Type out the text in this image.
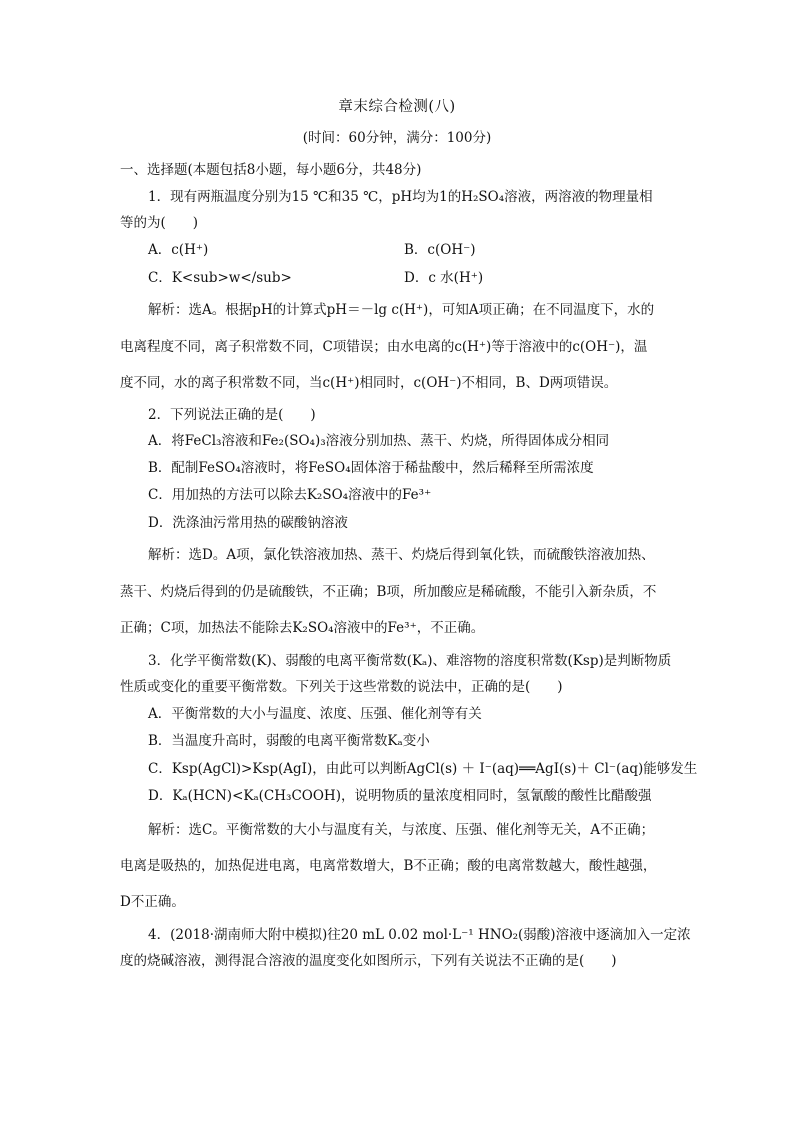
章末综合检测(八)
(时间：60分钟，满分：100分)
一、选择题(本题包括8小题，每小题6分，共48分)
1．现有两瓶温度分别为15 ℃和35 ℃，pH均为1的H₂SO₄溶液，两溶液的物理量相
等的为(　　)
A．c(H⁺)	B．c(OH⁻)
C．K<sub>w</sub>	D．c 水(H⁺)
解析：选A。根据pH的计算式pH＝－lg c(H⁺)，可知A项正确；在不同温度下，水的
电离程度不同，离子积常数不同，C项错误；由水电离的c(H⁺)等于溶液中的c(OH⁻)，温
度不同，水的离子积常数不同，当c(H⁺)相同时，c(OH⁻)不相同，B、D两项错误。
2．下列说法正确的是(　　)
A．将FeCl₃溶液和Fe₂(SO₄)₃溶液分别加热、蒸干、灼烧，所得固体成分相同
B．配制FeSO₄溶液时，将FeSO₄固体溶于稀盐酸中，然后稀释至所需浓度
C．用加热的方法可以除去K₂SO₄溶液中的Fe³⁺
D．洗涤油污常用热的碳酸钠溶液
解析：选D。A项，氯化铁溶液加热、蒸干、灼烧后得到氧化铁，而硫酸铁溶液加热、
蒸干、灼烧后得到的仍是硫酸铁，不正确；B项，所加酸应是稀硫酸，不能引入新杂质，不
正确；C项，加热法不能除去K₂SO₄溶液中的Fe³⁺，不正确。
3．化学平衡常数(K)、弱酸的电离平衡常数(Kₐ)、难溶物的溶度积常数(Ksp)是判断物质
性质或变化的重要平衡常数。下列关于这些常数的说法中，正确的是(　　)
A．平衡常数的大小与温度、浓度、压强、催化剂等有关
B．当温度升高时，弱酸的电离平衡常数Kₐ变小
C．Ksp(AgCl)>Ksp(AgI)，由此可以判断AgCl(s) ＋ I⁻(aq)══AgI(s)＋ Cl⁻(aq)能够发生
D．Kₐ(HCN)<Kₐ(CH₃COOH)，说明物质的量浓度相同时，氢氰酸的酸性比醋酸强
解析：选C。平衡常数的大小与温度有关，与浓度、压强、催化剂等无关，A不正确；
电离是吸热的，加热促进电离，电离常数增大，B不正确；酸的电离常数越大，酸性越强，
D不正确。
4．(2018·湖南师大附中模拟)往20 mL 0.02 mol·L⁻¹ HNO₂(弱酸)溶液中逐滴加入一定浓
度的烧碱溶液，测得混合溶液的温度变化如图所示，下列有关说法不正确的是(　　)
